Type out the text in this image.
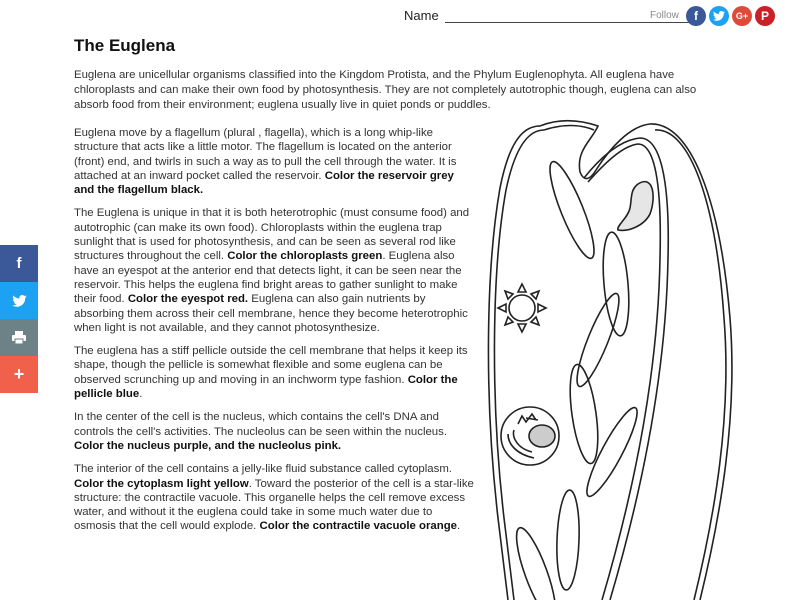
Name	Follow f	G+ P
f
+
The Euglena

Euglena are unicellular organisms classified into the Kingdom Protista, and the Phylum Euglenophyta. All euglena have chloroplasts and can make their own food by photosynthesis. They are not completely autotrophic though, euglena can also absorb food from their environment; euglena usually live in quiet ponds or puddles.

Euglena move by a flagellum (plural , flagella), which is a long whip-like structure that acts like a little motor. The flagellum is located on the anterior (front) end, and twirls in such a way as to pull the cell through the water. It is attached at an inward pocket called the reservoir. Color the reservoir grey and the flagellum black.

The Euglena is unique in that it is both heterotrophic (must consume food) and autotrophic (can make its own food). Chloroplasts within the euglena trap sunlight that is used for photosynthesis, and can be seen as several rod like structures throughout the cell. Color the chloroplasts green. Euglena also have an eyespot at the anterior end that detects light, it can be seen near the reservoir. This helps the euglena find bright areas to gather sunlight to make their food. Color the eyespot red. Euglena can also gain nutrients by absorbing them across their cell membrane, hence they become heterotrophic when light is not available, and they cannot photosynthesize.

The euglena has a stiff pellicle outside the cell membrane that helps it keep its shape, though the pellicle is somewhat flexible and some euglena can be observed scrunching up and moving in an inchworm type fashion. Color the pellicle blue.

In the center of the cell is the nucleus, which contains the cell's DNA and controls the cell's activities. The nucleolus can be seen within the nucleus. Color the nucleus purple, and the nucleolus pink.

The interior of the cell contains a jelly-like fluid substance called cytoplasm. Color the cytoplasm light yellow. Toward the posterior of the cell is a star-like structure: the contractile vacuole. This organelle helps the cell remove excess water, and without it the euglena could take in some much water due to osmosis that the cell would explode. Color the contractile vacuole orange.
